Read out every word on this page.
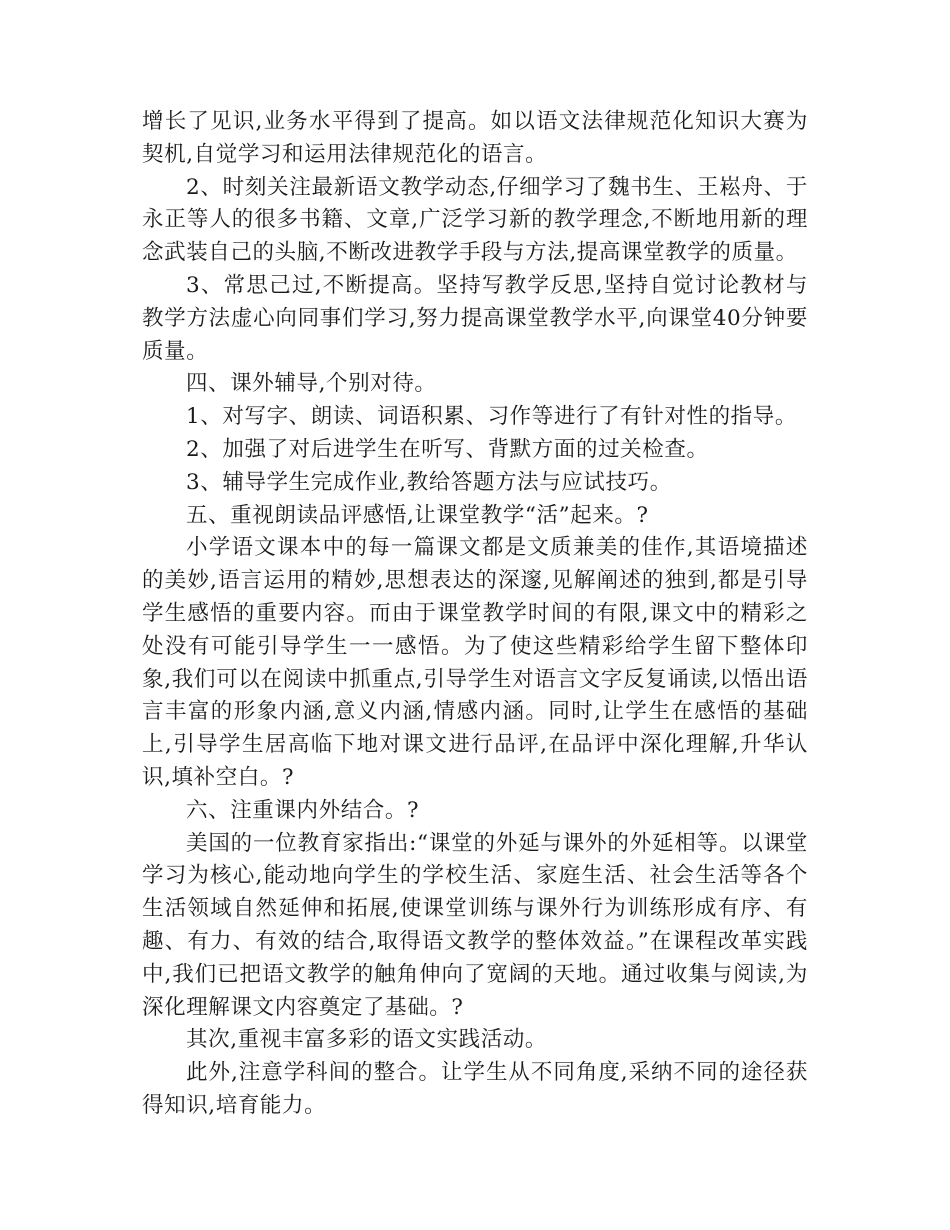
增长了见识,业务水平得到了提高。如以语文法律规范化知识大赛为契机,自觉学习和运用法律规范化的语言。

2、时刻关注最新语文教学动态,仔细学习了魏书生、王崧舟、于永正等人的很多书籍、文章,广泛学习新的教学理念,不断地用新的理念武装自己的头脑,不断改进教学手段与方法,提高课堂教学的质量。

3、常思己过,不断提高。坚持写教学反思,坚持自觉讨论教材与教学方法虚心向同事们学习,努力提高课堂教学水平,向课堂40分钟要质量。

四、课外辅导,个别对待。

1、对写字、朗读、词语积累、习作等进行了有针对性的指导。

2、加强了对后进学生在听写、背默方面的过关检查。

3、辅导学生完成作业,教给答题方法与应试技巧。

五、重视朗读品评感悟,让课堂教学“活”起来。?

小学语文课本中的每一篇课文都是文质兼美的佳作,其语境描述的美妙,语言运用的精妙,思想表达的深邃,见解阐述的独到,都是引导学生感悟的重要内容。而由于课堂教学时间的有限,课文中的精彩之处没有可能引导学生一一感悟。为了使这些精彩给学生留下整体印象,我们可以在阅读中抓重点,引导学生对语言文字反复诵读,以悟出语言丰富的形象内涵,意义内涵,情感内涵。同时,让学生在感悟的基础上,引导学生居高临下地对课文进行品评,在品评中深化理解,升华认识,填补空白。?

六、注重课内外结合。?

美国的一位教育家指出:“课堂的外延与课外的外延相等。以课堂学习为核心,能动地向学生的学校生活、家庭生活、社会生活等各个生活领域自然延伸和拓展,使课堂训练与课外行为训练形成有序、有趣、有力、有效的结合,取得语文教学的整体效益。”在课程改革实践中,我们已把语文教学的触角伸向了宽阔的天地。通过收集与阅读,为深化理解课文内容奠定了基础。?

其次,重视丰富多彩的语文实践活动。

此外,注意学科间的整合。让学生从不同角度,采纳不同的途径获得知识,培育能力。
